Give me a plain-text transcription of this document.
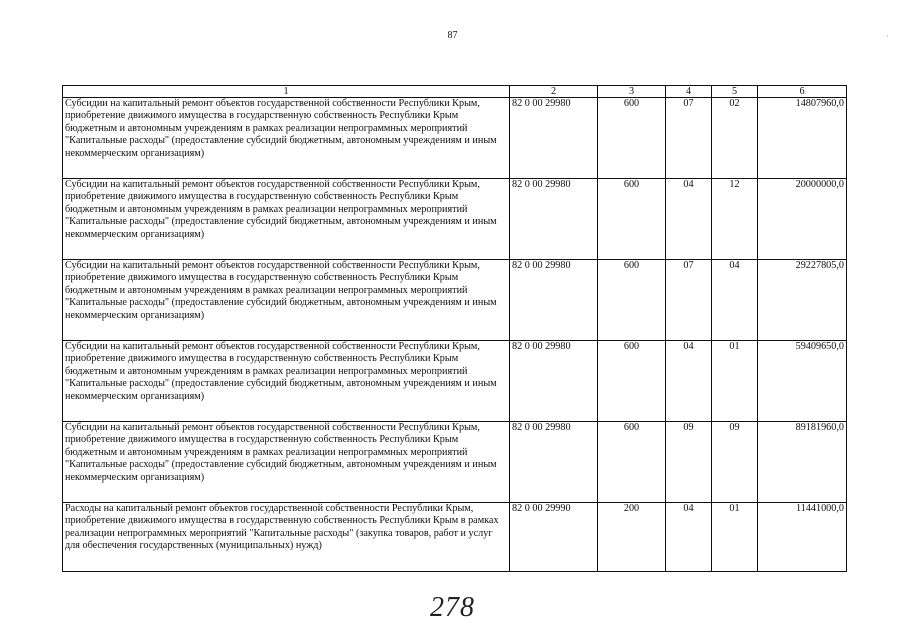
87	·
1	2	3	4	5	6
Субсидии на капитальный ремонт объектов государственной собственности Республики Крым, приобретение движимого имущества в государственную собственность Республики Крым бюджетным и автономным учреждениям в рамках реализации непрограммных мероприятий "Капитальные расходы" (предоставление субсидий бюджетным, автономным учреждениям и иным некоммерческим организациям)	82 0 00 29980	600	07	02	14807960,0
Субсидии на капитальный ремонт объектов государственной собственности Республики Крым, приобретение движимого имущества в государственную собственность Республики Крым бюджетным и автономным учреждениям в рамках реализации непрограммных мероприятий "Капитальные расходы" (предоставление субсидий бюджетным, автономным учреждениям и иным некоммерческим организациям)	82 0 00 29980	600	04	12	20000000,0
Субсидии на капитальный ремонт объектов государственной собственности Республики Крым, приобретение движимого имущества в государственную собственность Республики Крым бюджетным и автономным учреждениям в рамках реализации непрограммных мероприятий "Капитальные расходы" (предоставление субсидий бюджетным, автономным учреждениям и иным некоммерческим организациям)	82 0 00 29980	600	07	04	29227805,0
Субсидии на капитальный ремонт объектов государственной собственности Республики Крым, приобретение движимого имущества в государственную собственность Республики Крым бюджетным и автономным учреждениям в рамках реализации непрограммных мероприятий "Капитальные расходы" (предоставление субсидий бюджетным, автономным учреждениям и иным некоммерческим организациям)	82 0 00 29980	600	04	01	59409650,0
Субсидии на капитальный ремонт объектов государственной собственности Республики Крым, приобретение движимого имущества в государственную собственность Республики Крым бюджетным и автономным учреждениям в рамках реализации непрограммных мероприятий "Капитальные расходы" (предоставление субсидий бюджетным, автономным учреждениям и иным некоммерческим организациям)	82 0 00 29980	600	09	09	89181960,0
Расходы на капитальный ремонт объектов государственной собственности Республики Крым, приобретение движимого имущества в государственную собственность Республики Крым в рамках реализации непрограммных мероприятий "Капитальные расходы" (закупка товаров, работ и услуг для обеспечения государственных (муниципальных) нужд)	82 0 00 29990	200	04	01	11441000,0
278
